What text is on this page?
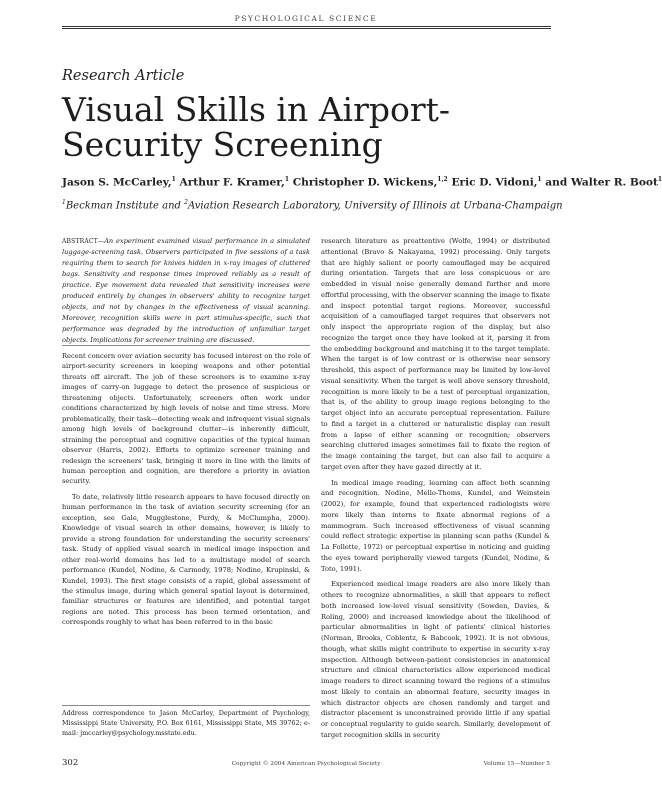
PSYCHOLOGICAL SCIENCE
Research Article
Visual Skills in Airport-Security Screening
Jason S. McCarley,$^1$ Arthur F. Kramer,$^1$ Christopher D. Wickens,$^{1,2}$ Eric D. Vidoni,$^1$ and Walter R. Boot$^1$
$^1$Beckman Institute and $^2$Aviation Research Laboratory, University of Illinois at Urbana-Champaign
ABSTRACT—An experiment examined visual performance in a simulated luggage-screening task. Observers participated in five sessions of a task requiring them to search for knives hidden in x-ray images of cluttered bags. Sensitivity and response times improved reliably as a result of practice. Eye movement data revealed that sensitivity increases were produced entirely by changes in observers' ability to recognize target objects, and not by changes in the effectiveness of visual scanning. Moreover, recognition skills were in part stimulus-specific, such that performance was degraded by the introduction of unfamiliar target objects. Implications for screener training are discussed.

Recent concern over aviation security has focused interest on the role of airport-security screeners in keeping weapons and other potential threats off aircraft. The job of these screeners is to examine x-ray images of carry-on luggage to detect the presence of suspicious or threatening objects. Unfortunately, screeners often work under conditions characterized by high levels of noise and time stress. More problematically, their task—detecting weak and infrequent visual signals among high levels of background clutter—is inherently difficult, straining the perceptual and cognitive capacities of the typical human observer (Harris, 2002). Efforts to optimize screener training and redesign the screeners' task, bringing it more in line with the limits of human perception and cognition, are therefore a priority in aviation security.

To date, relatively little research appears to have focused directly on human performance in the task of aviation security screening (for an exception, see Gale, Mugglestone, Purdy, & McClumpha, 2000). Knowledge of visual search in other domains, however, is likely to provide a strong foundation for understanding the security screeners' task. Study of applied visual search in medical image inspection and other real-world domains has led to a multistage model of search performance (Kundel, Nodine, & Carmody, 1978; Nodine, Krupinski, & Kundel, 1993). The first stage consists of a rapid, global assessment of the stimulus image, during which general spatial layout is determined, familiar structures or features are identified, and potential target regions are noted. This process has been termed orientation, and corresponds roughly to what has been referred to in the basic

research literature as preattentive (Wolfe, 1994) or distributed attentional (Bravo & Nakayama, 1992) processing. Only targets that are highly salient or poorly camouflaged may be acquired during orientation. Targets that are less conspicuous or are embedded in visual noise generally demand further and more effortful processing, with the observer scanning the image to fixate and inspect potential target regions. Moreover, successful acquisition of a camouflaged target requires that observers not only inspect the appropriate region of the display, but also recognize the target once they have looked at it, parsing it from the embedding background and matching it to the target template. When the target is of low contrast or is otherwise near sensory threshold, this aspect of performance may be limited by low-level visual sensitivity. When the target is well above sensory threshold, recognition is more likely to be a test of perceptual organization, that is, of the ability to group image regions belonging to the target object into an accurate perceptual representation. Failure to find a target in a cluttered or naturalistic display can result from a lapse of either scanning or recognition; observers searching cluttered images sometimes fail to fixate the region of the image containing the target, but can also fail to acquire a target even after they have gazed directly at it.

In medical image reading, learning can affect both scanning and recognition. Nodine, Mello-Thoms, Kundel, and Weinstein (2002), for example, found that experienced radiologists were more likely than interns to fixate abnormal regions of a mammogram. Such increased effectiveness of visual scanning could reflect strategic expertise in planning scan paths (Kundel & La Follette, 1972) or perceptual expertise in noticing and guiding the eyes toward peripherally viewed targets (Kundel, Nodine, & Toto, 1991).

Experienced medical image readers are also more likely than others to recognize abnormalities, a skill that appears to reflect both increased low-level visual sensitivity (Sowden, Davies, & Roling, 2000) and increased knowledge about the likelihood of particular abnormalities in light of patients' clinical histories (Norman, Brooks, Coblentz, & Babcook, 1992). It is not obvious, though, what skills might contribute to expertise in security x-ray inspection. Although between-patient consistencies in anatomical structure and clinical characteristics allow experienced medical image readers to direct scanning toward the regions of a stimulus most likely to contain an abnormal feature, security images in which distractor objects are chosen randomly and target and distractor placement is unconstrained provide little if any spatial or conceptual regularity to guide search. Similarly, development of target recognition skills in security

Address correspondence to Jason McCarley, Department of Psychology, Mississippi State University, P.O. Box 6161, Mississippi State, MS 39762; e-mail: jmccarley@psychology.msstate.edu.
302	Copyright © 2004 American Psychological Society	Volume 15—Number 5
